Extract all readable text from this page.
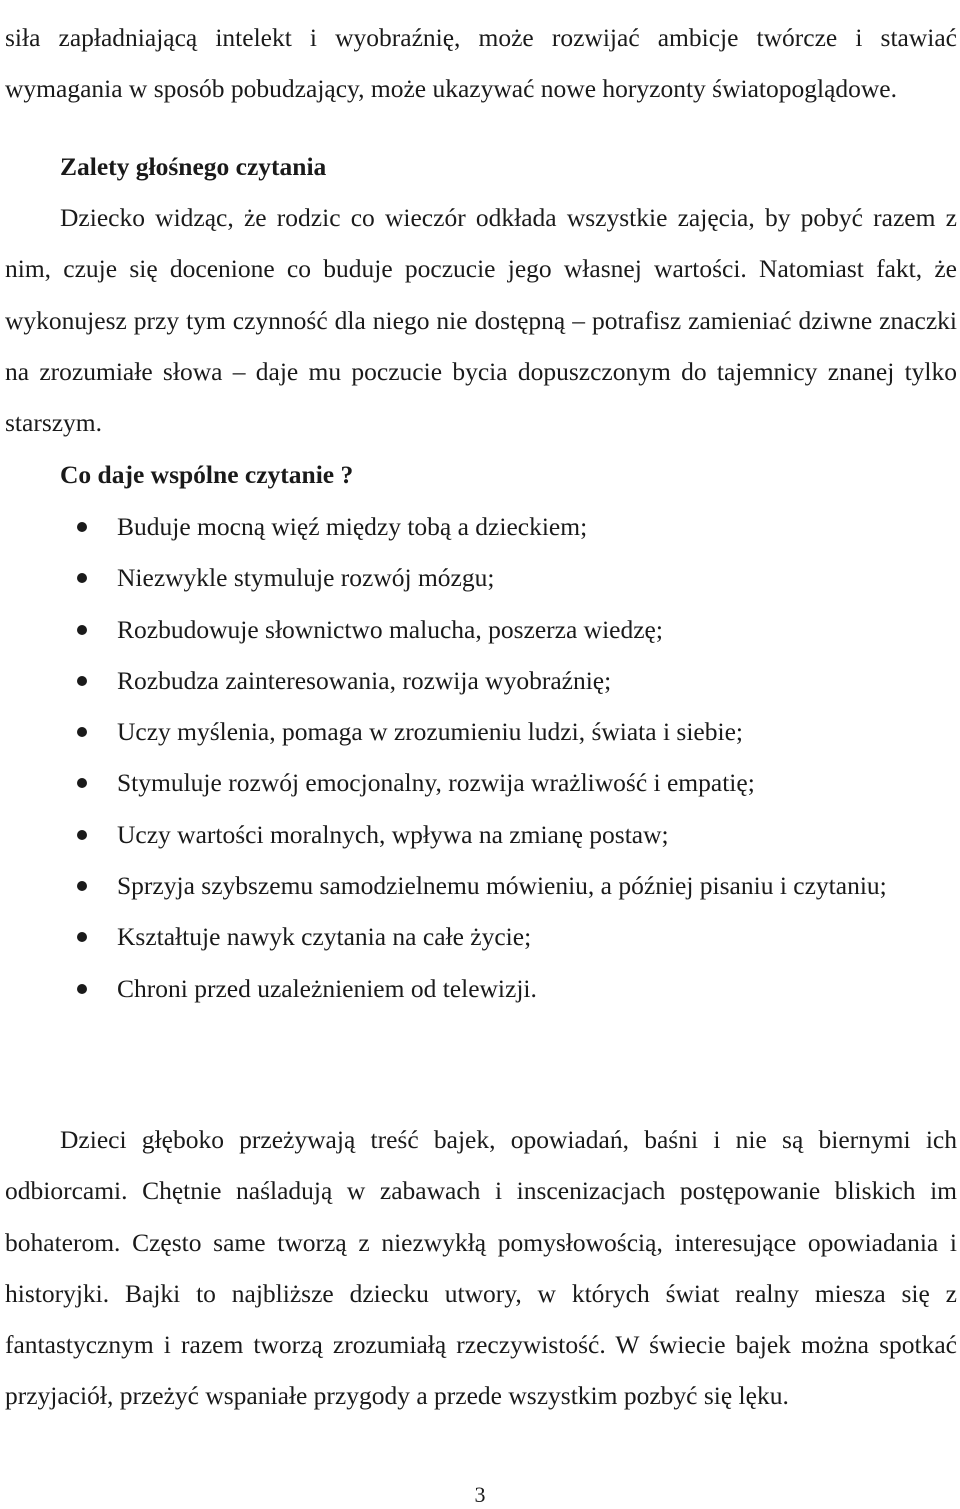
siła zapładniającą intelekt i wyobraźnię, może rozwijać ambicje twórcze i stawiać wymagania w sposób pobudzający, może ukazywać nowe horyzonty światopoglądowe.

Zalety głośnego czytania

Dziecko widząc, że rodzic co wieczór odkłada wszystkie zajęcia, by pobyć razem z nim, czuje się docenione co buduje poczucie jego własnej wartości. Natomiast fakt, że wykonujesz przy tym czynność dla niego nie dostępną – potrafisz zamieniać dziwne znaczki na zrozumiałe słowa – daje mu poczucie bycia dopuszczonym do tajemnicy znanej tylko starszym.

Co daje wspólne czytanie ?

Buduje mocną więź między tobą a dzieckiem;
Niezwykle stymuluje rozwój mózgu;
Rozbudowuje słownictwo malucha, poszerza wiedzę;
Rozbudza zainteresowania, rozwija wyobraźnię;
Uczy myślenia, pomaga w zrozumieniu ludzi, świata i siebie;
Stymuluje rozwój emocjonalny, rozwija wrażliwość i empatię;
Uczy wartości moralnych, wpływa na zmianę postaw;
Sprzyja szybszemu samodzielnemu mówieniu, a później pisaniu i czytaniu;
Kształtuje nawyk czytania na całe życie;
Chroni przed uzależnieniem od telewizji.

Dzieci głęboko przeżywają treść bajek, opowiadań, baśni i nie są biernymi ich odbiorcami. Chętnie naśladują w zabawach i inscenizacjach postępowanie bliskich im bohaterom. Często same tworzą z niezwykłą pomysłowością, interesujące opowiadania i historyjki. Bajki to najbliższe dziecku utwory, w których świat realny miesza się z fantastycznym i razem tworzą zrozumiałą rzeczywistość. W świecie bajek można spotkać przyjaciół, przeżyć wspaniałe przygody a przede wszystkim pozbyć się lęku.

3
